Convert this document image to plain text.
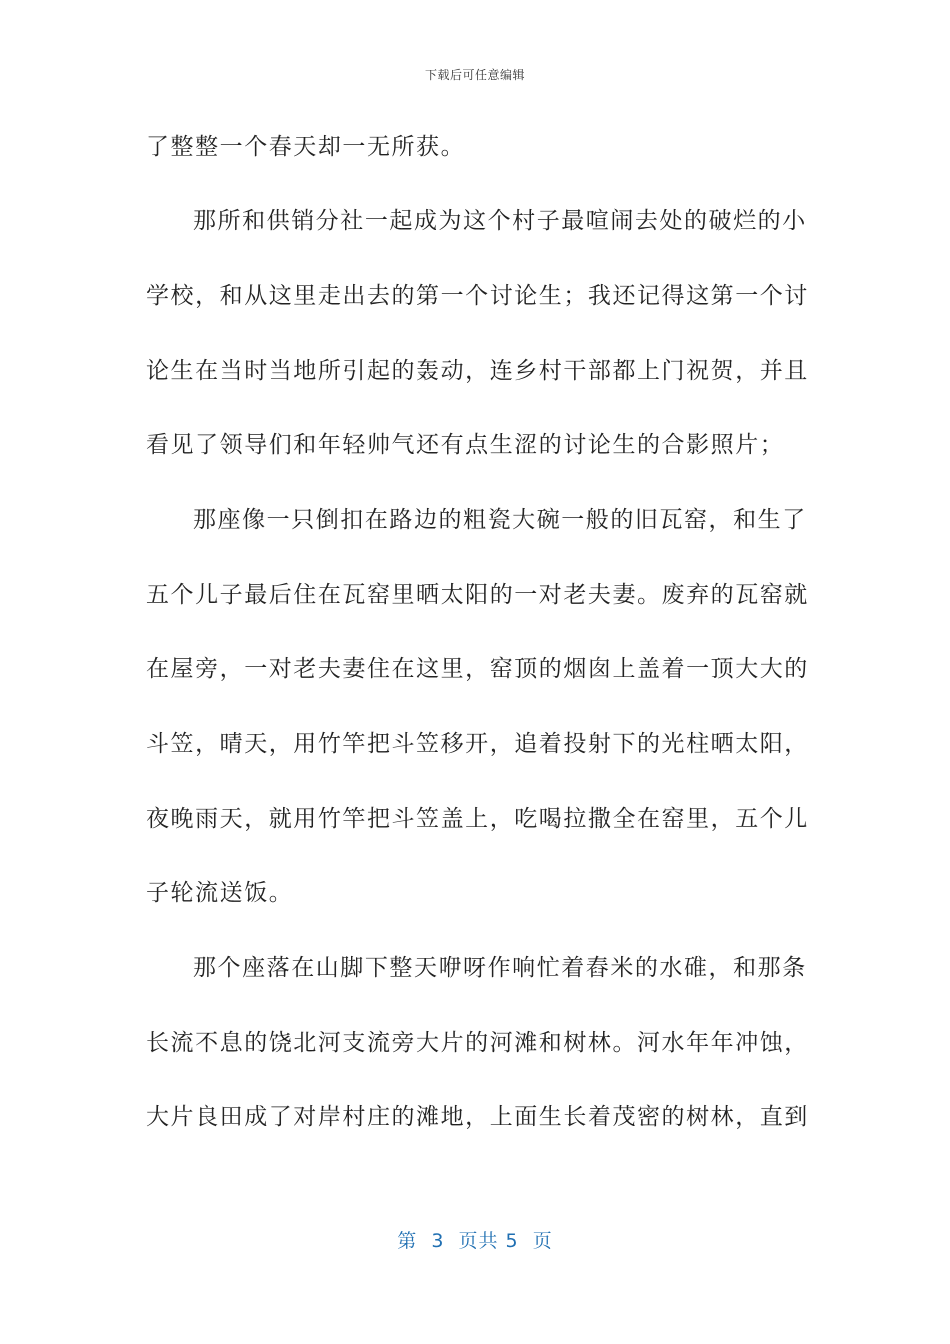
下载后可任意编辑
了整整一个春天却一无所获。
那所和供销分社一起成为这个村子最喧闹去处的破烂的小
学校，和从这里走出去的第一个讨论生；我还记得这第一个讨
论生在当时当地所引起的轰动，连乡村干部都上门祝贺，并且
看见了领导们和年轻帅气还有点生涩的讨论生的合影照片；
那座像一只倒扣在路边的粗瓷大碗一般的旧瓦窑，和生了
五个儿子最后住在瓦窑里晒太阳的一对老夫妻。废弃的瓦窑就
在屋旁，一对老夫妻住在这里，窑顶的烟囱上盖着一顶大大的
斗笠，晴天，用竹竿把斗笠移开，追着投射下的光柱晒太阳，
夜晚雨天，就用竹竿把斗笠盖上，吃喝拉撒全在窑里，五个儿
子轮流送饭。
那个座落在山脚下整天咿呀作响忙着舂米的水碓，和那条
长流不息的饶北河支流旁大片的河滩和树林。河水年年冲蚀，
大片良田成了对岸村庄的滩地，上面生长着茂密的树林，直到
第  3  页共 5  页
